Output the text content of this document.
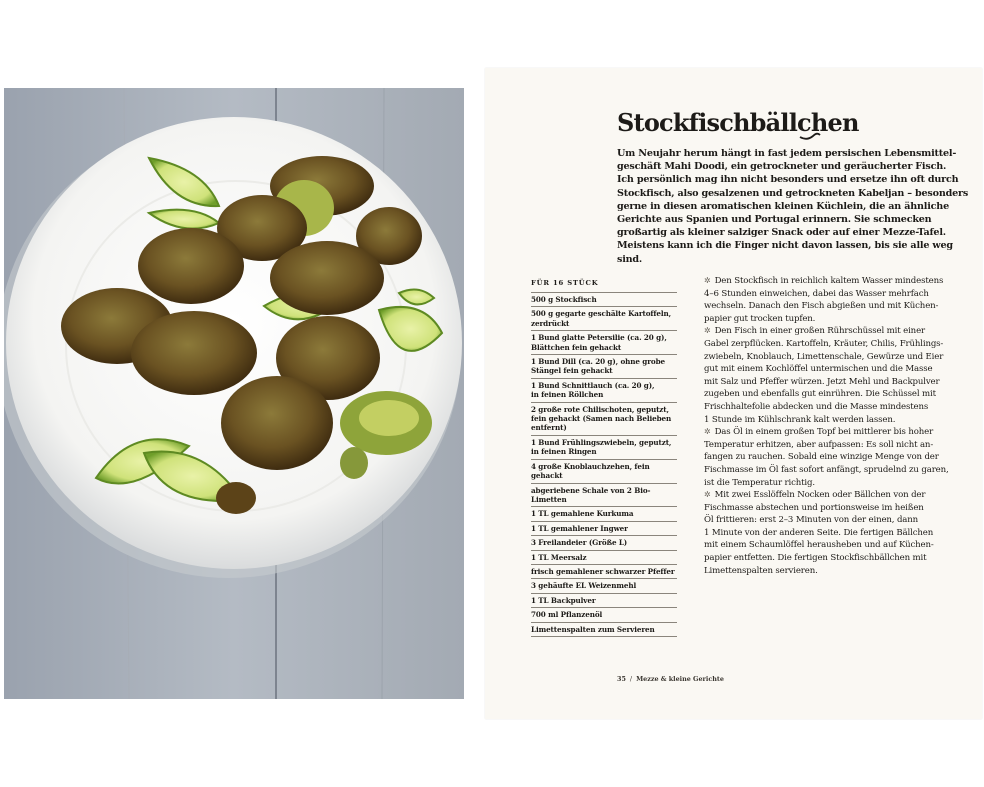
Stockfischbällchen
Um Neujahr herum hängt in fast jedem persischen Lebensmittel-
geschäft Mahi Doodi, ein getrockneter und geräucherter Fisch.
Ich persönlich mag ihn nicht besonders und ersetze ihn oft durch
Stockfisch, also gesalzenen und getrockneten Kabeljan – besonders
gerne in diesen aromatischen kleinen Küchlein, die an ähnliche
Gerichte aus Spanien und Portugal erinnern. Sie schmecken
großartig als kleiner salziger Snack oder auf einer Mezze-Tafel.
Meistens kann ich die Finger nicht davon lassen, bis sie alle weg sind.
FÜR 16 STÜCK
500 g Stockfisch
500 g gegarte geschälte Kartoffeln,
zerdrückt
1 Bund glatte Petersilie (ca. 20 g),
Blättchen fein gehackt
1 Bund Dill (ca. 20 g), ohne grobe
Stängel fein gehackt
1 Bund Schnittlauch (ca. 20 g),
in feinen Röllchen
2 große rote Chilischoten, geputzt,
fein gehackt (Samen nach Belieben
entfernt)
1 Bund Frühlingszwiebeln, geputzt,
in feinen Ringen
4 große Knoblauchzehen, fein gehackt
abgeriebene Schale von 2 Bio-Limetten
1 TL gemahlene Kurkuma
1 TL gemahlener Ingwer
3 Freilandeier (Größe L)
1 TL Meersalz
frisch gemahlener schwarzer Pfeffer
3 gehäufte EL Weizenmehl
1 TL Backpulver
700 ml Pflanzenöl
Limettenspalten zum Servieren
✲ Den Stockfisch in reichlich kaltem Wasser mindestens
4–6 Stunden einweichen, dabei das Wasser mehrfach
wechseln. Danach den Fisch abgießen und mit Küchen-
papier gut trocken tupfen.
✲ Den Fisch in einer großen Rührschüssel mit einer
Gabel zerpflücken. Kartoffeln, Kräuter, Chilis, Frühlings-
zwiebeln, Knoblauch, Limettenschale, Gewürze und Eier
gut mit einem Kochlöffel untermischen und die Masse
mit Salz und Pfeffer würzen. Jetzt Mehl und Backpulver
zugeben und ebenfalls gut einrühren. Die Schüssel mit
Frischhaltefolie abdecken und die Masse mindestens
1 Stunde im Kühlschrank kalt werden lassen.
✲ Das Öl in einem großen Topf bei mittlerer bis hoher
Temperatur erhitzen, aber aufpassen: Es soll nicht an-
fangen zu rauchen. Sobald eine winzige Menge von der
Fischmasse im Öl fast sofort anfängt, sprudelnd zu garen,
ist die Temperatur richtig.
✲ Mit zwei Esslöffeln Nocken oder Bällchen von der
Fischmasse abstechen und portionsweise im heißen
Öl frittieren: erst 2–3 Minuten von der einen, dann
1 Minute von der anderen Seite. Die fertigen Bällchen
mit einem Schaumlöffel herausheben und auf Küchen-
papier entfetten. Die fertigen Stockfischbällchen mit
Limettenspalten servieren.
35 / Mezze & kleine Gerichte
